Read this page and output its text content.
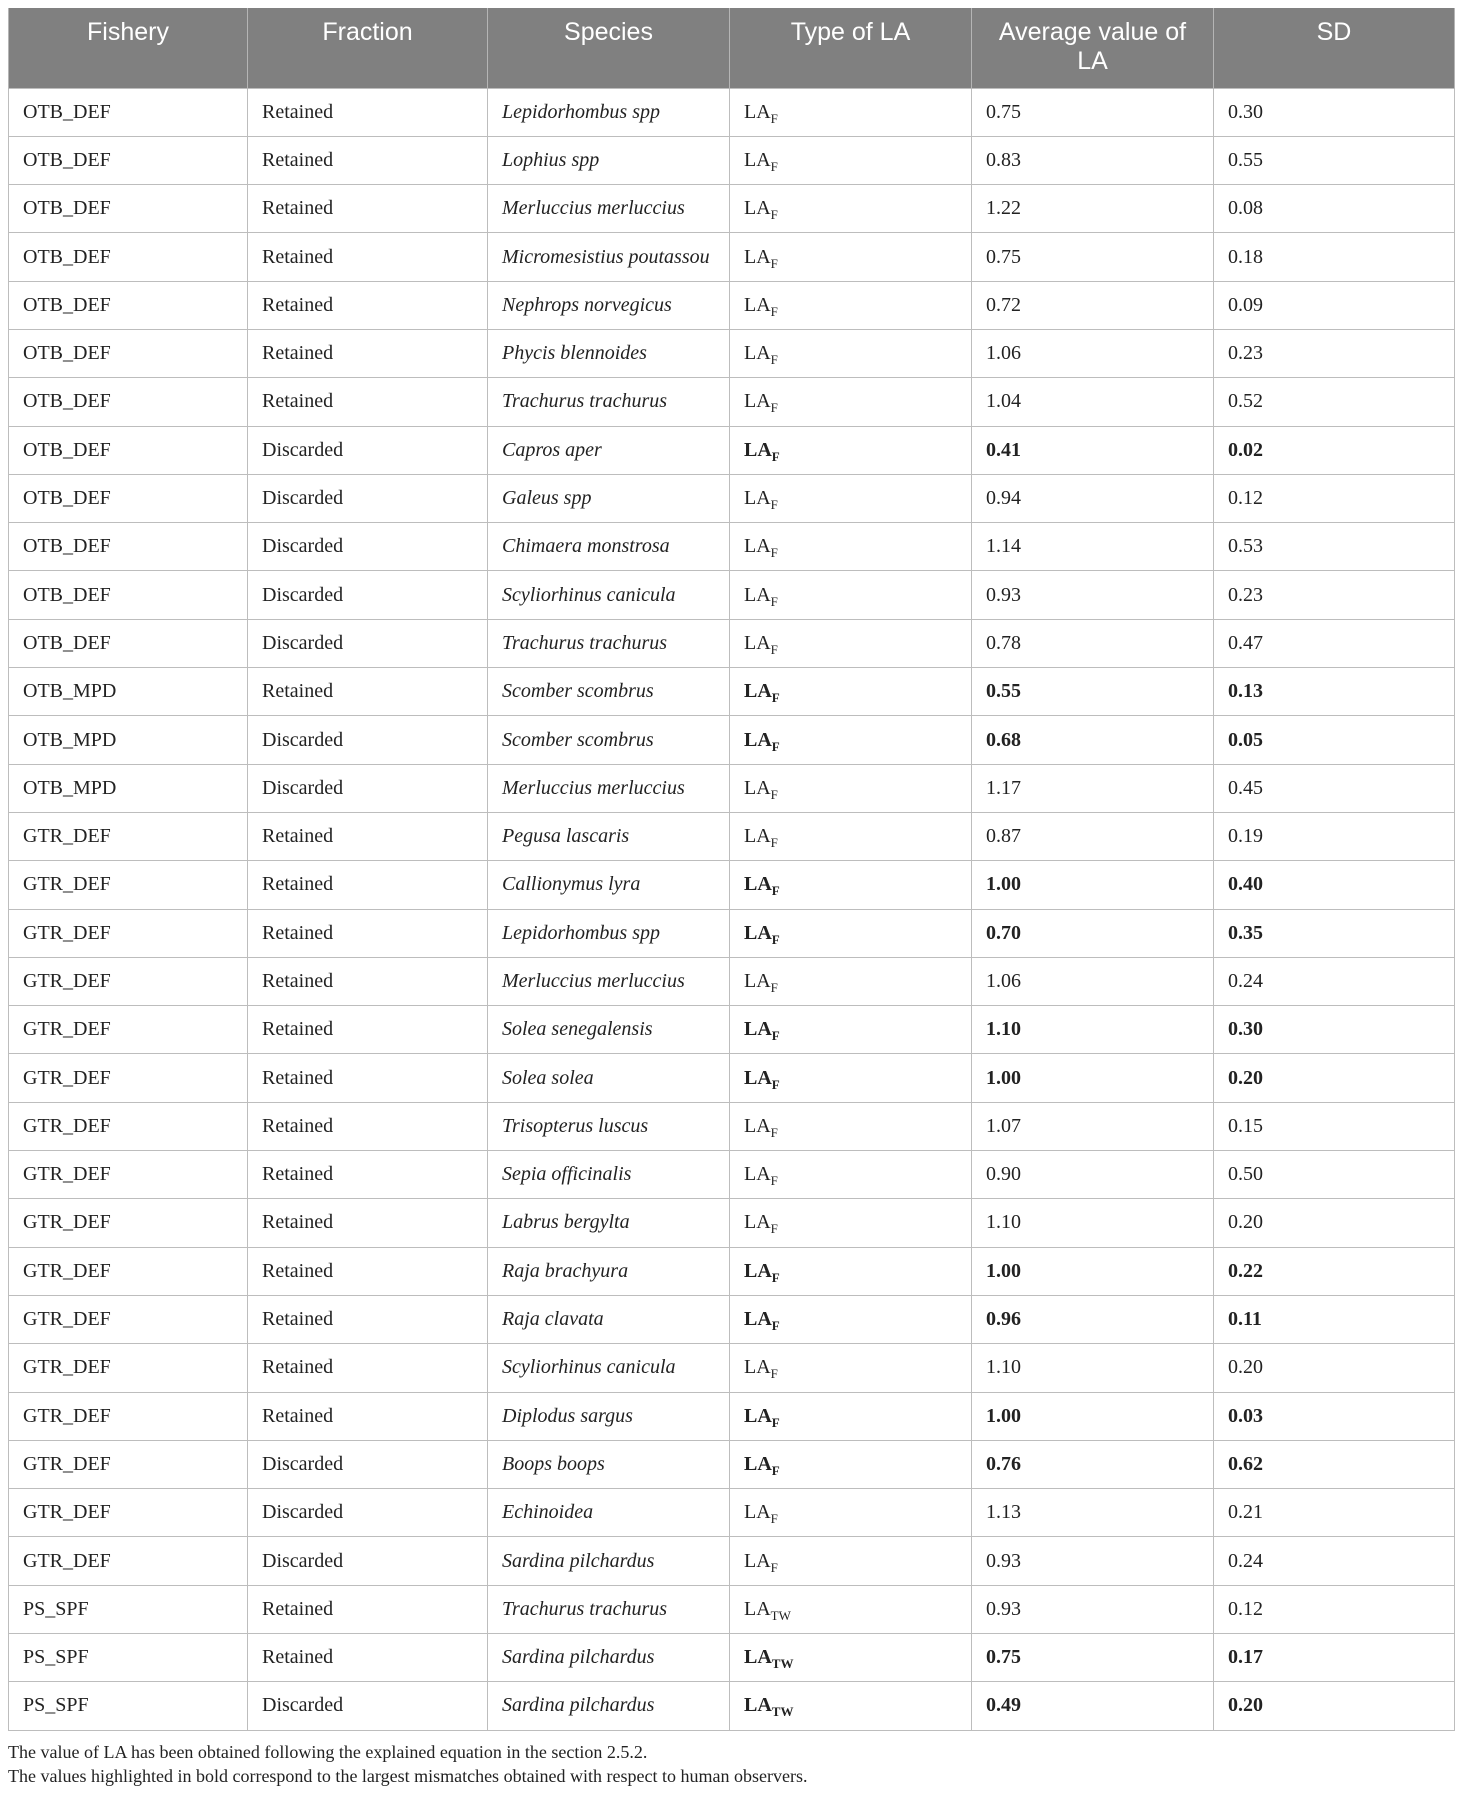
Fishery	Fraction	Species	Type of LA	Average value of LA	SD
OTB_DEF	Retained	Lepidorhombus spp	$LA_F$	0.75	0.30
OTB_DEF	Retained	Lophius spp	$LA_F$	0.83	0.55
OTB_DEF	Retained	Merluccius merluccius	$LA_F$	1.22	0.08
OTB_DEF	Retained	Micromesistius poutassou	$LA_F$	0.75	0.18
OTB_DEF	Retained	Nephrops norvegicus	$LA_F$	0.72	0.09
OTB_DEF	Retained	Phycis blennoides	$LA_F$	1.06	0.23
OTB_DEF	Retained	Trachurus trachurus	$LA_F$	1.04	0.52
OTB_DEF	Discarded	Capros aper	$LA_F$	0.41	0.02
OTB_DEF	Discarded	Galeus spp	$LA_F$	0.94	0.12
OTB_DEF	Discarded	Chimaera monstrosa	$LA_F$	1.14	0.53
OTB_DEF	Discarded	Scyliorhinus canicula	$LA_F$	0.93	0.23
OTB_DEF	Discarded	Trachurus trachurus	$LA_F$	0.78	0.47
OTB_MPD	Retained	Scomber scombrus	$LA_F$	0.55	0.13
OTB_MPD	Discarded	Scomber scombrus	$LA_F$	0.68	0.05
OTB_MPD	Discarded	Merluccius merluccius	$LA_F$	1.17	0.45
GTR_DEF	Retained	Pegusa lascaris	$LA_F$	0.87	0.19
GTR_DEF	Retained	Callionymus lyra	$LA_F$	1.00	0.40
GTR_DEF	Retained	Lepidorhombus spp	$LA_F$	0.70	0.35
GTR_DEF	Retained	Merluccius merluccius	$LA_F$	1.06	0.24
GTR_DEF	Retained	Solea senegalensis	$LA_F$	1.10	0.30
GTR_DEF	Retained	Solea solea	$LA_F$	1.00	0.20
GTR_DEF	Retained	Trisopterus luscus	$LA_F$	1.07	0.15
GTR_DEF	Retained	Sepia officinalis	$LA_F$	0.90	0.50
GTR_DEF	Retained	Labrus bergylta	$LA_F$	1.10	0.20
GTR_DEF	Retained	Raja brachyura	$LA_F$	1.00	0.22
GTR_DEF	Retained	Raja clavata	$LA_F$	0.96	0.11
GTR_DEF	Retained	Scyliorhinus canicula	$LA_F$	1.10	0.20
GTR_DEF	Retained	Diplodus sargus	$LA_F$	1.00	0.03
GTR_DEF	Discarded	Boops boops	$LA_F$	0.76	0.62
GTR_DEF	Discarded	Echinoidea	$LA_F$	1.13	0.21
GTR_DEF	Discarded	Sardina pilchardus	$LA_F$	0.93	0.24
PS_SPF	Retained	Trachurus trachurus	$LA_{TW}$	0.93	0.12
PS_SPF	Retained	Sardina pilchardus	$LA_{TW}$	0.75	0.17
PS_SPF	Discarded	Sardina pilchardus	$LA_{TW}$	0.49	0.20

The value of LA has been obtained following the explained equation in the section 2.5.2.

The values highlighted in bold correspond to the largest mismatches obtained with respect to human observers.
